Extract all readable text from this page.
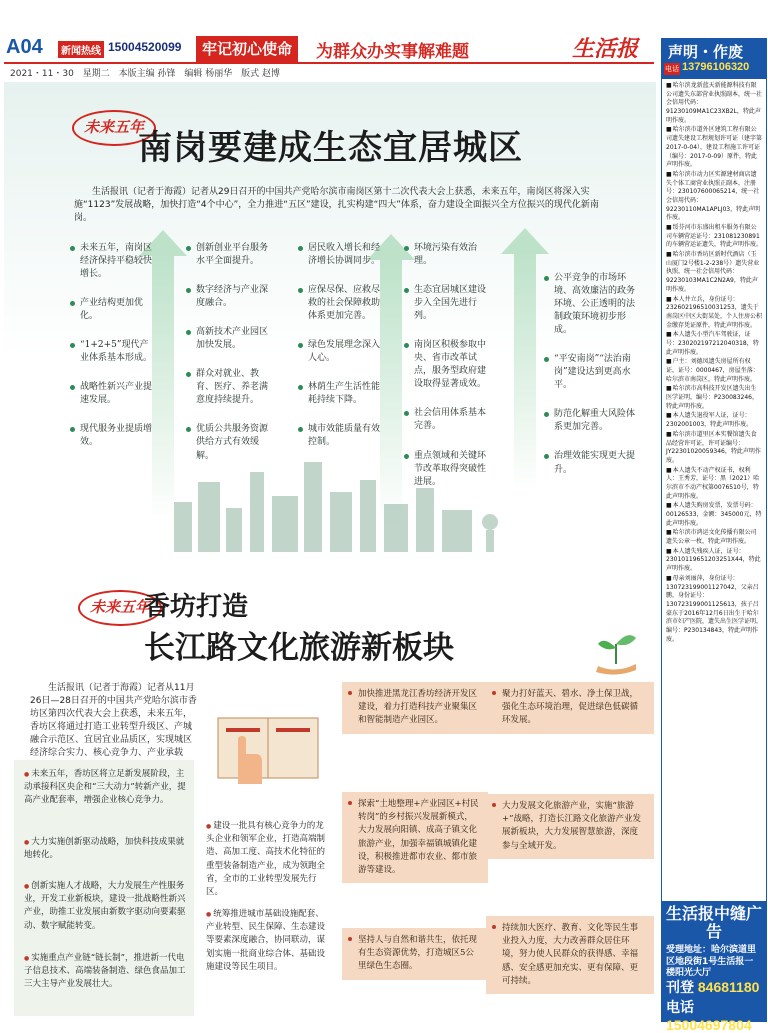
A04	新闻热线 15004520099	牢记初心使命	为群众办实事解难题	生活报
2021・11・30 星期二 本版主编 孙锋 编辑 杨丽华 版式 赵博
未来五年
南岗要建成生态宜居城区
生活报讯（记者于海霞）记者从29日召开的中国共产党哈尔滨市南岗区第十二次代表大会上获悉，未来五年，南岗区将深入实施“1123”发展战略，加快打造“4个中心”，全力推进“五区”建设，扎实构建“四大”体系，奋力建设全面振兴全方位振兴的现代化新南岗。

未来五年，南岗区经济保持平稳较快增长。

产业结构更加优化。

“1+2+5”现代产业体系基本形成。

战略性新兴产业提速发展。

现代服务业提质增效。

创新创业平台服务水平全面提升。

数字经济与产业深度融合。

高新技术产业园区加快发展。

群众对就业、教育、医疗、养老满意度持续提升。

优质公共服务资源供给方式有效缓解。

居民收入增长和经济增长协调同步。

应保尽保、应救尽救的社会保障救助体系更加完善。

绿色发展理念深入人心。

林荫生产生活性能耗持续下降。

城市效能质量有效控制。

环境污染有效治理。

生态宜居城区建设步入全国先进行列。

南岗区积极参取中央、省市改革试点，服务型政府建设取得显著成效。

社会信用体系基本完善。

重点领域和关键环节改革取得突破性进展。

公平竞争的市场环境、高效廉洁的政务环境、公正透明的法制政策环境初步形成。

“平安南岗”“法治南岗”建设达到更高水平。

防范化解重大风险体系更加完善。

治理效能实现更大提升。

未来五年
香坊打造
长江路文化旅游新板块
生活报讯（记者于海霞）记者从11月26日—28日召开的中国共产党哈尔滨市香坊区第四次代表大会上获悉，未来五年，香坊区将通过打造工业转型升级区、产城融合示范区、宜居宜业品质区，实现城区经济综合实力、核心竞争力、产业承载
● 未来五年，香坊区将立足新发展阶段，主动承接科区央企和“三大动力”转新产业，提高产业配套率，增强企业核心竞争力。
● 大力实施创新驱动战略，加快科技成果就地转化。
● 创新实施人才战略，大力发展生产性服务业，开发工业新板块，建设一批战略性新兴产业，助推工业发展由新数字驱动向要素驱动、数字赋能转变。
● 实施重点产业链“链长制”，推进新一代电子信息技术、高端装备制造、绿色食品加工三大主导产业发展壮大。
● 建设一批具有核心竞争力的龙头企业和领军企业，打造高端制造、高加工度、高技术化特征的重型装备制造产业，成为领跑全省，全市的工业转型发展先行区。
● 统筹推进城市基础设施配套、产业转型、民生保障、生态建设等要素深度融合，协同联动，谋划实施一批商业综合体、基础设施建设等民生项目。
加快推进黑龙江香坊经济开发区建设，着力打造科技产业聚集区和智能制造产业园区。
探索“土地整理+产业园区+村民转岗”的乡村振兴发展新模式，大力发展向阳镇、成高子镇文化旅游产业，加强幸福镇城镇化建设，积极推进都市农业、都市旅游等建设。
坚持人与自然和谐共生，依托现有生态资源优势，打造城区5公里绿色生态圈。
聚力打好蓝天、碧水、净土保卫战，强化生态环境治理，促进绿色低碳循环发展。
大力发展文化旅游产业，实施“旅游+”战略，打造长江路文化旅游产业发展新板块，大力发展智慧旅游，深度参与全域开发。
持续加大医疗、教育、文化等民生事业投入力度，大力改善群众居住环境，努力使人民群众的获得感、幸福感、安全感更加充实、更有保障、更可持续。
声明・作废
电话 13796106320

■ 哈尔滨龙新蓝天新能源科技有限公司遗失东部营业执照副本，统一社会信用代码：91230109MA1C23XB2L，特此声明作废。

■ 哈尔滨市道外区建筑工程有限公司遗失建设工程规划许可证（建字第2017-0-04），建设工程施工许可证（编号：2017-0-09）原件，特此声明作废。

■ 哈尔滨市动力区实源建材商店遗失个体工商营业执照正副本，注册号：230107600065214，统一社会信用代码：92230110MA1APLJ03，特此声明作废。

■ 绥芬河市东盛出租车服务有限公司车辆营运证号：231081230891的车辆营运证遗失，特此声明作废。

■ 哈尔滨市香坊区新时代酒店（玉山厦门2号楼1-2-238号）遗失营业执照，统一社会信用代码：92230103MA1C2N2A9，特此声明作废。

■ 本人井立兵，身份证号：232602196510031253，遗失于南岗区中区大街某处，个人住房公积金缴存凭证原件，特此声明作废。

■ 本人遗失小型汽车驾驶证，证号：230202197212040318，特此声明作废。

■ 户主：刘德凤遗失房屋所有权证，证号：0000467，房屋坐落：哈尔滨市南岗区，特此声明作废。

■ 哈尔滨市高科技开发区遗失出生医学证明，编号：P230083246，特此声明作废。

■ 本人遗失退役军人证，证号：2302001003，特此声明作废。

■ 哈尔滨市道里区本实餐馆遗失食品经营许可证，许可证编号：JY22301020059346，特此声明作废。

■ 本人遗失不动产权证书，权利人：王秀芳，证号：黑（2021）哈尔滨市不动产权第0076510号，特此声明作废。

■ 本人遗失购房发票，发票号码：00126533，金额：345000元，特此声明作废。

■ 哈尔滨市鸿运文化传播有限公司遗失公章一枚，特此声明作废。

■ 本人遗失残疾人证，证号：23010119651203251X44，特此声明作废。

■ 母亲刘丽萍，身份证号：130723199001127042，父亲吕鹏，身份证号：130723199001125613，孩子吕豪东于2016年12月6日出生于哈尔滨市妇产医院，遗失出生医学证明，编号：P230134843，特此声明作废。

生活报中缝广告
受理地址：哈尔滨道里区地段街1号生活报一楼阳光大厅
刊登 84681180
电话 15004697804
